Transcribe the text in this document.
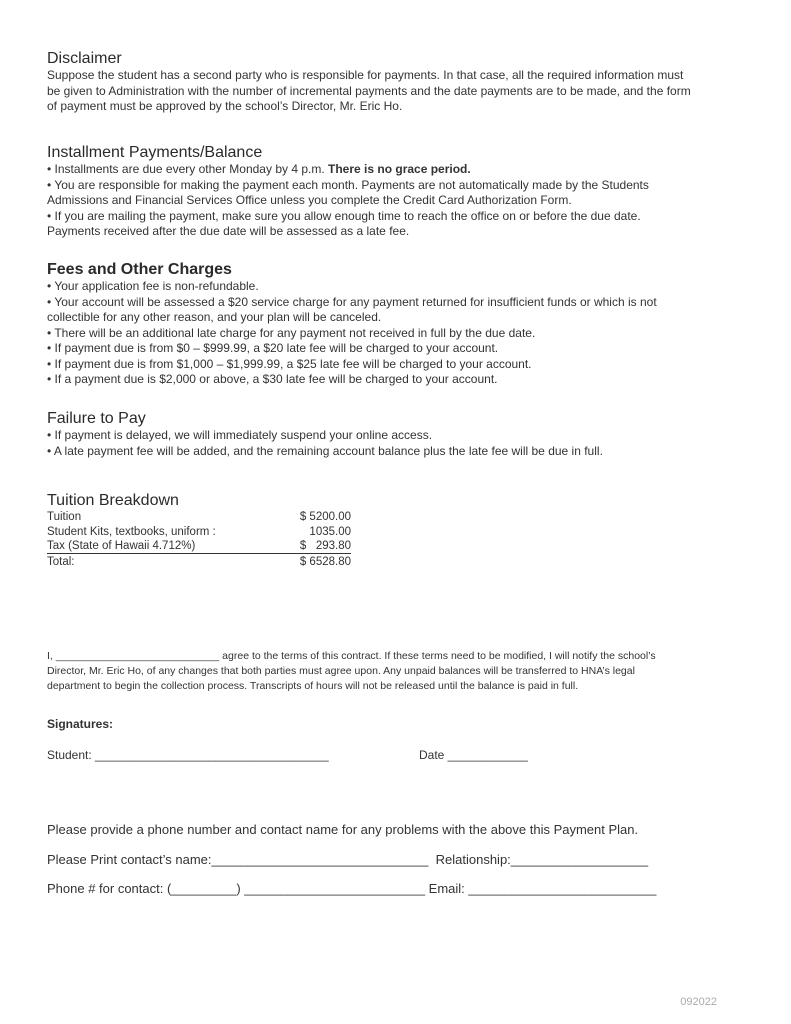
Disclaimer

Suppose the student has a second party who is responsible for payments. In that case, all the required information must

be given to Administration with the number of incremental payments and the date payments are to be made, and the form

of payment must be approved by the school’s Director, Mr. Eric Ho.

Installment Payments/Balance

• Installments are due every other Monday by 4 p.m. There is no grace period.

• You are responsible for making the payment each month. Payments are not automatically made by the Students

Admissions and Financial Services Office unless you complete the Credit Card Authorization Form.

• If you are mailing the payment, make sure you allow enough time to reach the office on or before the due date.

Payments received after the due date will be assessed as a late fee.

Fees and Other Charges

• Your application fee is non-refundable.

• Your account will be assessed a $20 service charge for any payment returned for insufficient funds or which is not

collectible for any other reason, and your plan will be canceled.

• There will be an additional late charge for any payment not received in full by the due date.

• If payment due is from $0 – $999.99, a $20 late fee will be charged to your account.

• If payment due is from $1,000 – $1,999.99, a $25 late fee will be charged to your account.

• If a payment due is $2,000 or above, a $30 late fee will be charged to your account.

Failure to Pay

• If payment is delayed, we will immediately suspend your online access.

• A late payment fee will be added, and the remaining account balance plus the late fee will be due in full.

Tuition Breakdown
Tuition	$ 5200.00
Student Kits, textbooks, uniform :	1035.00
Tax (State of Hawaii 4.712%)	$   293.80
Total:	$ 6528.80
I, ____________________________ agree to the terms of this contract. If these terms need to be modified, I will notify the school’s
Director, Mr. Eric Ho, of any changes that both parties must agree upon. Any unpaid balances will be transferred to HNA’s legal
department to begin the collection process. Transcripts of hours will not be released until the balance is paid in full.
Signatures:
Student: ___________________________________	Date ____________
Please provide a phone number and contact name for any problems with the above this Payment Plan.
Please Print contact’s name:______________________________  Relationship:___________________
Phone # for contact: (_________) _________________________ Email: __________________________
092022
